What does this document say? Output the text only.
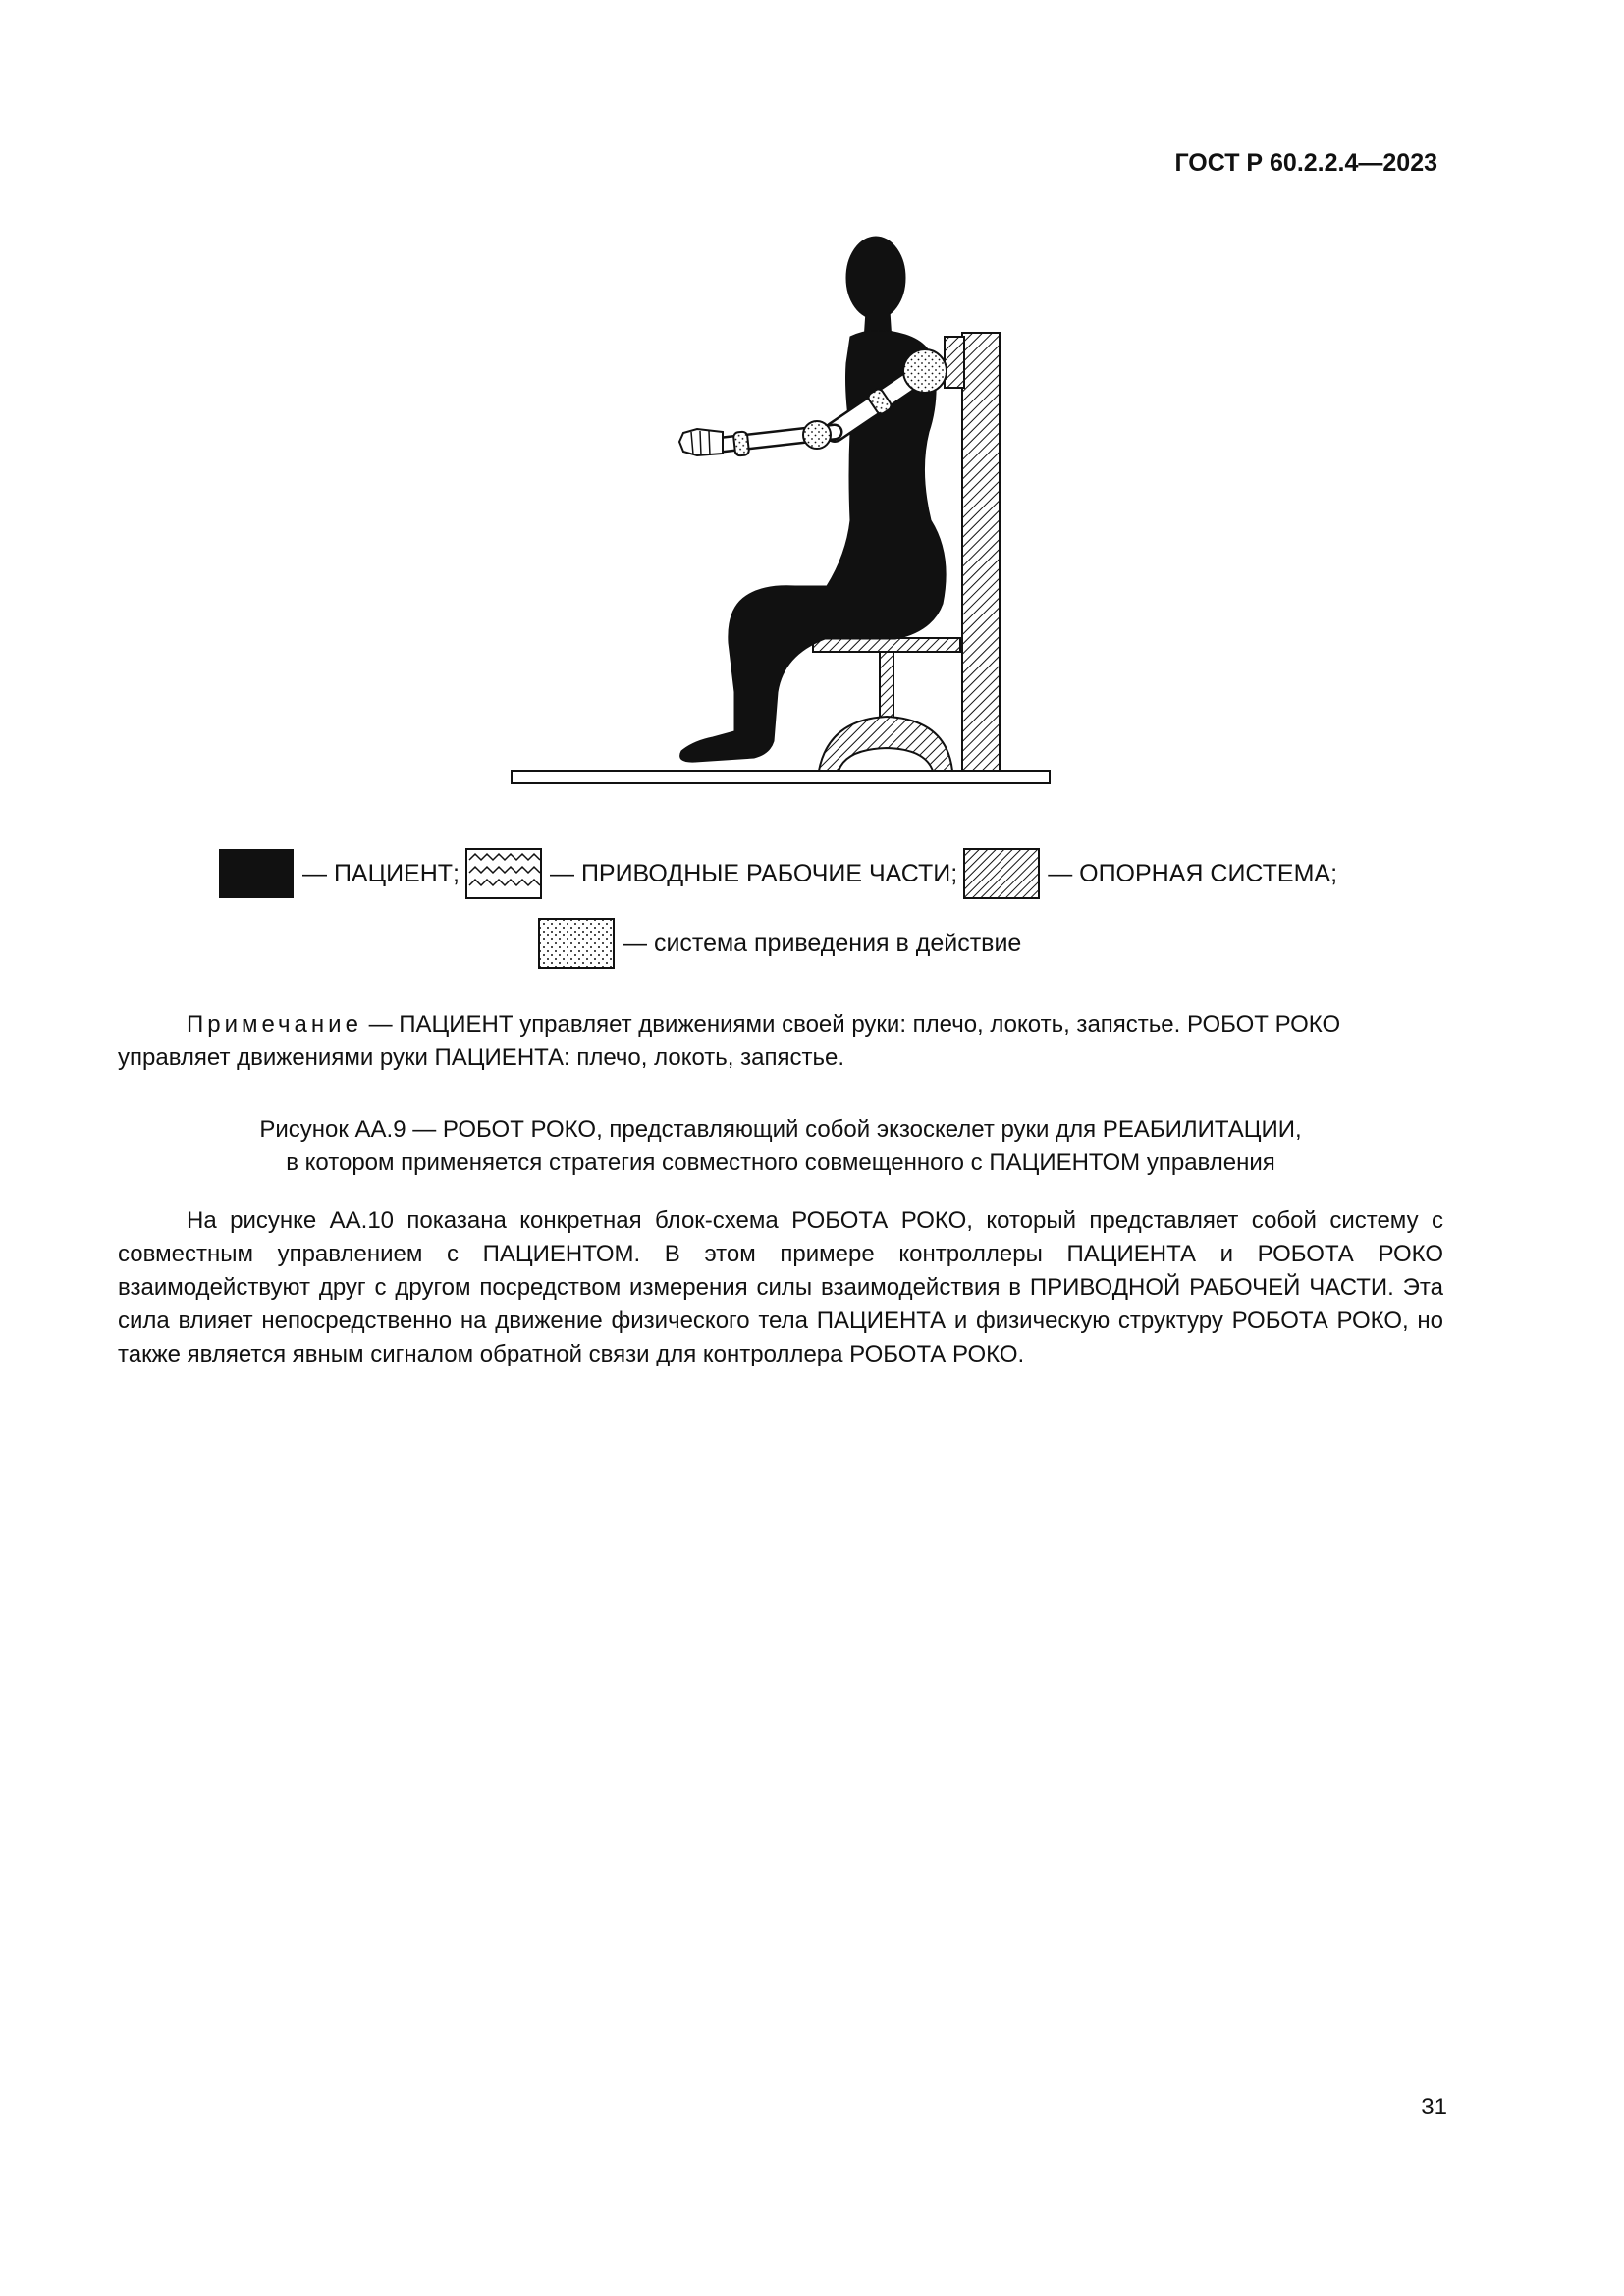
ГОСТ Р 60.2.2.4—2023
— ПАЦИЕНТ;	— ПРИВОДНЫЕ РАБОЧИЕ ЧАСТИ;	— ОПОРНАЯ СИСТЕМА;
— система приведения в действие
Примечание — ПАЦИЕНТ управляет движениями своей руки: плечо, локоть, запястье. РОБОТ РОКО управляет движениями руки ПАЦИЕНТА: плечо, локоть, запястье.
Рисунок АА.9 — РОБОТ РОКО, представляющий собой экзоскелет руки для РЕАБИЛИТАЦИИ,
в котором применяется стратегия совместного совмещенного с ПАЦИЕНТОМ управления
На рисунке АА.10 показана конкретная блок-схема РОБОТА РОКО, который представляет собой систему с совместным управлением с ПАЦИЕНТОМ. В этом примере контроллеры ПАЦИЕНТА и РОБОТА РОКО взаимодействуют друг с другом посредством измерения силы взаимодействия в ПРИВОДНОЙ РАБОЧЕЙ ЧАСТИ. Эта сила влияет непосредственно на движение физического тела ПАЦИЕНТА и физическую структуру РОБОТА РОКО, но также является явным сигналом обратной связи для контроллера РОБОТА РОКО.
31
